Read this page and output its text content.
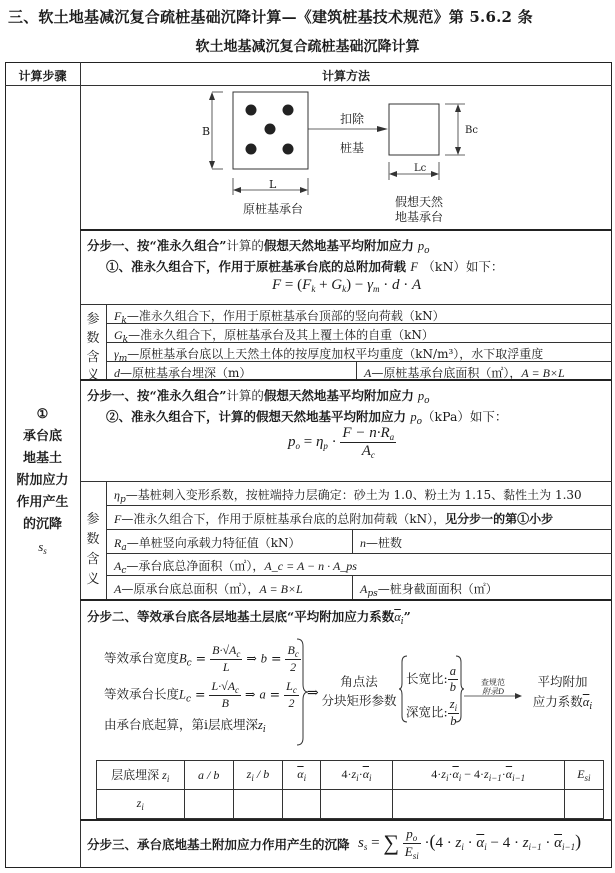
三、软土地基减沉复合疏桩基础沉降计算—《建筑桩基技术规范》第 5.6.2 条
软土地基减沉复合疏桩基础沉降计算
计算步骤	计算方法
①
承台底
地基土
附加应力
作用产生
的沉降
$s_s$
B
L
Bc
Lc
扣除
桩基
原桩基承台	假想天然
地基承台
分步一、按“准永久组合”计算的假想天然地基平均附加应力 $p_o$
①、准永久组合下，作用于原桩基承台底的总附加荷载 F （kN）如下：
$F = (F_k + G_k) - \gamma_m \cdot d \cdot A$
参
数
含
义
$F_k—$准永久组合下，作用于原桩基承台顶部的竖向荷载（kN）
$G_k—$准永久组合下，原桩基承台及其上覆土体的自重（kN）
$\gamma_m—$原桩基承台底以上天然土体的按厚度加权平均重度（kN/m³），水下取浮重度
d—原桩基承台埋深（m）	A—原桩基承台底面积（㎡），A = B×L
分步一、按“准永久组合”计算的假想天然地基平均附加应力 $p_o$
②、准永久组合下，计算的假想天然地基平均附加应力 $p_o(kPa)$如下：
$p_o = \eta_p \cdot \frac{F - n\cdot R_a}{A_c}$
参
数
含
义
$\eta_p—$基桩刺入变形系数，按桩端持力层确定：砂土为 1.0、粉土为 1.15、黏性土为 1.30
F—准永久组合下，作用于原桩基承台底的总附加荷载（kN），见分步一的第①小步
$R_a—$单桩竖向承载力特征值（kN）	n—桩数
$A_c—$承台底总净面积（㎡），A_c = A − n · A_ps
A—原承台底总面积（㎡），A = B×L	$A_{ps}—$桩身截面面积（㎡）
分步二、等效承台底各层地基土层底“平均附加应力系数$\overline{\alpha}_i$”
等效承台宽度$B_c = \frac{B\cdot√A_c}{L}$ ⇒ $b = \frac{B_c}{2}$
等效承台长度$L_c = \frac{L\cdot√A_c}{B}$ ⇒ $a = \frac{L_c}{2}$
由承台底起算，第i层底埋深$z_i$
⇒
角点法
分块矩形参数
长宽比: $\frac{a}{b}$
深宽比: $\frac{z_i}{b}$
查规范
附录D
平均附加
应力系数$\overline{\alpha}_i$
层底埋深 $z_i$	a / b	$z_i$ / b	$\overline{\alpha}_i$	$4\cdot z_i\cdot\overline{\alpha}_i$	$4\cdot z_i\cdot\overline{\alpha}_i - 4\cdot z_{i-1}\cdot\overline{\alpha}_{i-1}$	$E_{si}$
$z_i$						
分步三、承台底地基土附加应力作用产生的沉降 $s_s$ = ∑ $\frac{p_o}{E_{si}} \cdot(4 \cdot z_i \cdot \overline{\alpha}_i - 4 \cdot z_{i-1} \cdot \overline{\alpha}_{i-1})$
